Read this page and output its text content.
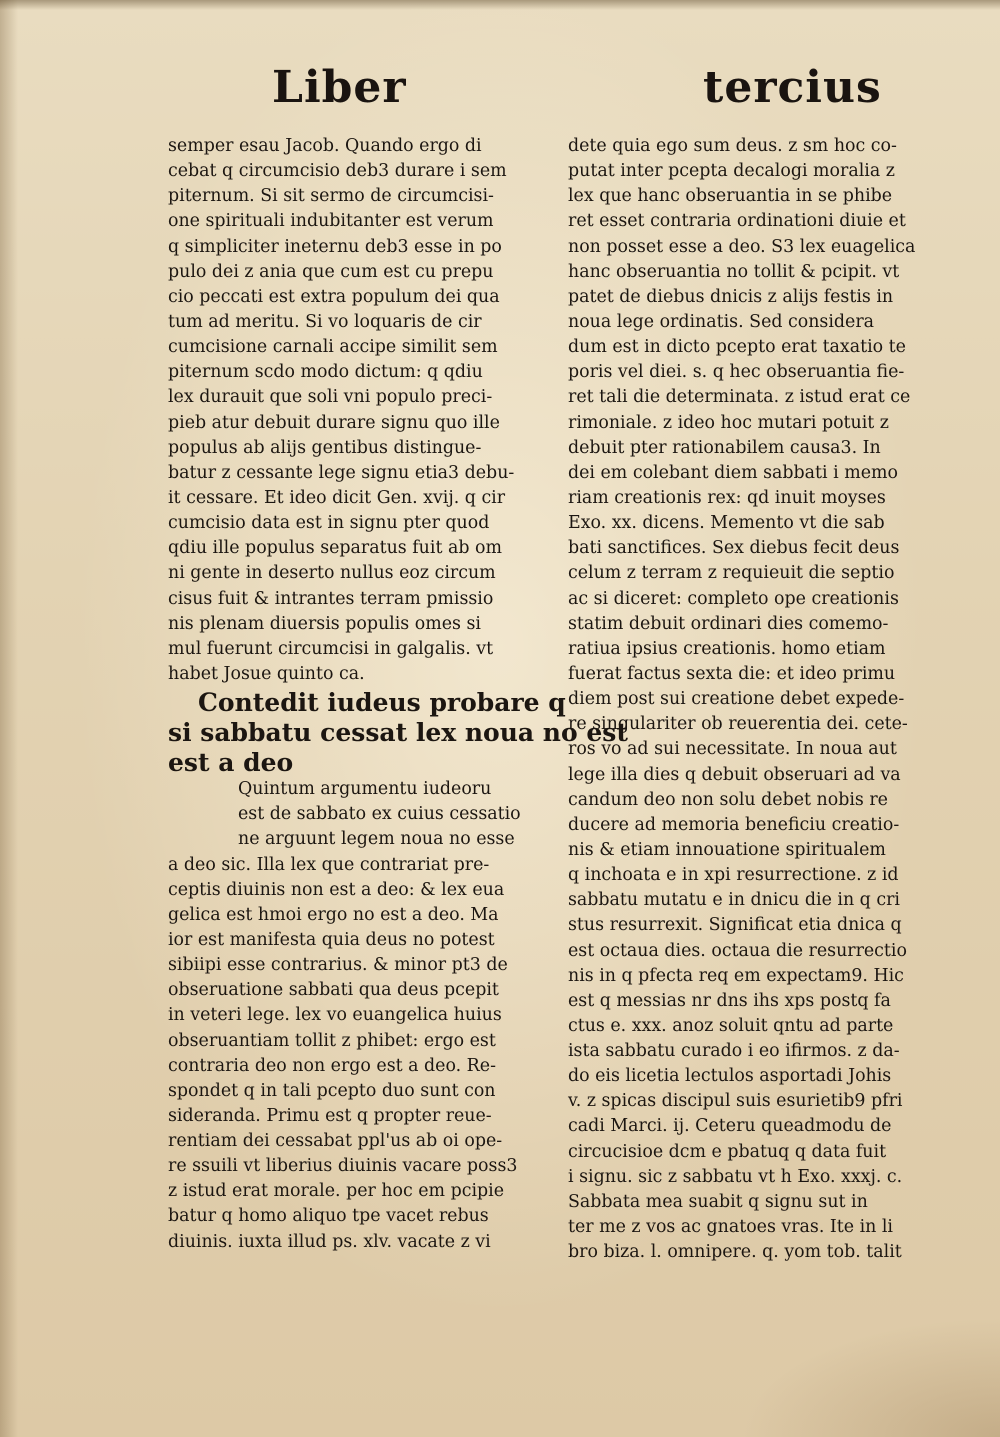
Liber	tercius
semper esau Jacob. Quando ergo di
cebat q circumcisio deb3 durare i sem
piternum. Si sit sermo de circumcisi-
one spirituali indubitanter est verum
q simpliciter ineternu deb3 esse in po
pulo dei z ania que cum est cu prepu
cio peccati est extra populum dei qua
tum ad meritu. Si vo loquaris de cir
cumcisione carnali accipe similit sem
piternum scdo modo dictum: q qdiu
lex durauit que soli vni populo preci-
pieb atur debuit durare signu quo ille
populus ab alijs gentibus distingue-
batur z cessante lege signu etia3 debu-
it cessare. Et ideo dicit Gen. xvij. q cir
cumcisio data est in signu pter quod
qdiu ille populus separatus fuit ab om
ni gente in deserto nullus eoz circum
cisus fuit & intrantes terram pmissio
nis plenam diuersis populis omes si
mul fuerunt circumcisi in galgalis. vt
habet Josue quinto ca.
Contedit iudeus probare q
si sabbatu cessat lex noua no est
est a deo
Quintum argumentu iudeoru
est de sabbato ex cuius cessatio
ne arguunt legem noua no esse
a deo sic. Illa lex que contrariat pre-
ceptis diuinis non est a deo: & lex eua
gelica est hmoi ergo no est a deo. Ma
ior est manifesta quia deus no potest
sibiipi esse contrarius. & minor pt3 de
obseruatione sabbati qua deus pcepit
in veteri lege. lex vo euangelica huius
obseruantiam tollit z phibet: ergo est
contraria deo non ergo est a deo. Re-
spondet q in tali pcepto duo sunt con
sideranda. Primu est q propter reue-
rentiam dei cessabat ppl'us ab oi ope-
re ssuili vt liberius diuinis vacare poss3
z istud erat morale. per hoc em pcipie
batur q homo aliquo tpe vacet rebus
diuinis. iuxta illud ps. xlv. vacate z vi
dete quia ego sum deus. z sm hoc co-
putat inter pcepta decalogi moralia z
lex que hanc obseruantia in se phibe
ret esset contraria ordinationi diuie et
non posset esse a deo. S3 lex euagelica
hanc obseruantia no tollit & pcipit. vt
patet de diebus dnicis z alijs festis in
noua lege ordinatis. Sed considera
dum est in dicto pcepto erat taxatio te
poris vel diei. s. q hec obseruantia fie-
ret tali die determinata. z istud erat ce
rimoniale. z ideo hoc mutari potuit z
debuit pter rationabilem causa3. In
dei em colebant diem sabbati i memo
riam creationis rex: qd inuit moyses
Exo. xx. dicens. Memento vt die sab
bati sanctifices. Sex diebus fecit deus
celum z terram z requieuit die septio
ac si diceret: completo ope creationis
statim debuit ordinari dies comemo-
ratiua ipsius creationis. homo etiam
fuerat factus sexta die: et ideo primu
diem post sui creatione debet expede-
re singulariter ob reuerentia dei. cete-
ros vo ad sui necessitate. In noua aut
lege illa dies q debuit obseruari ad va
candum deo non solu debet nobis re
ducere ad memoria beneficiu creatio-
nis & etiam innouatione spiritualem
q inchoata e in xpi resurrectione. z id
sabbatu mutatu e in dnicu die in q cri
stus resurrexit. Significat etia dnica q
est octaua dies. octaua die resurrectio
nis in q pfecta req em expectam9. Hic
est q messias nr dns ihs xps postq fa
ctus e. xxx. anoz soluit qntu ad parte
ista sabbatu curado i eo ifirmos. z da-
do eis licetia lectulos asportadi Johis
v. z spicas discipul suis esurietib9 pfri
cadi Marci. ij. Ceteru queadmodu de
circucisioe dcm e pbatuq q data fuit
i signu. sic z sabbatu vt h Exo. xxxj. c.
Sabbata mea suabit q signu sut in
ter me z vos ac gnatoes vras. Ite in li
bro biza. l. omnipere. q. yom tob. talit
